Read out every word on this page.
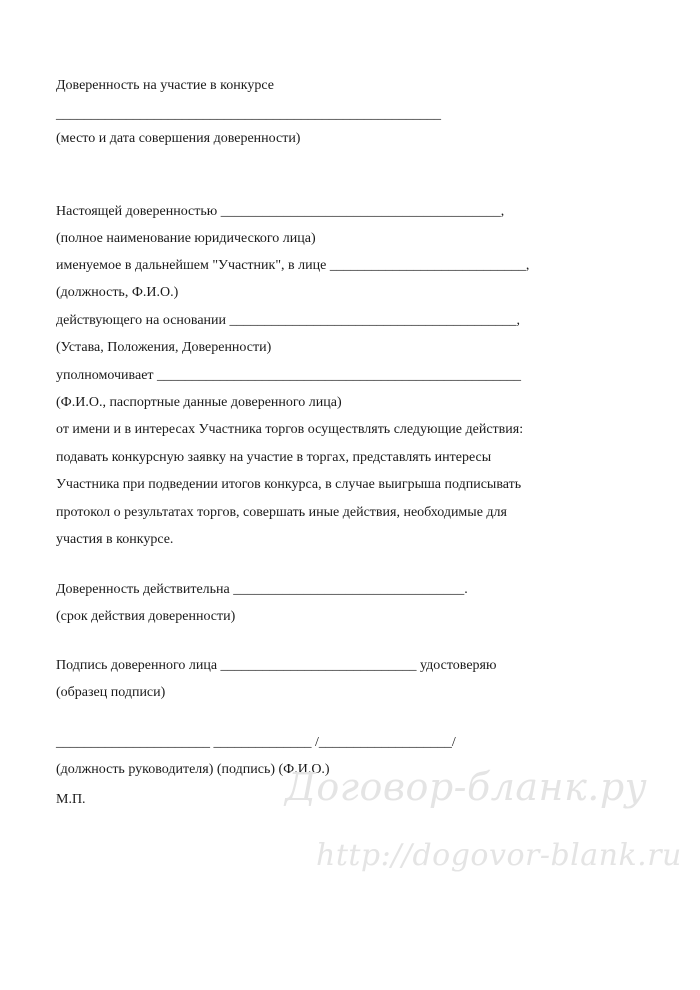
Доверенность на участие в конкурсе
_______________________________________________________
(место и дата совершения доверенности)
Настоящей доверенностью ________________________________________,
(полное наименование юридического лица)
именуемое в дальнейшем "Участник", в лице ____________________________,
(должность, Ф.И.О.)
действующего на основании _________________________________________,
(Устава, Положения, Доверенности)
уполномочивает ____________________________________________________
(Ф.И.О., паспортные данные доверенного лица)
от имени и в интересах Участника торгов осуществлять следующие действия:
подавать конкурсную заявку на участие в торгах, представлять интересы
Участника при подведении итогов конкурса, в случае выигрыша подписывать
протокол о результатах торгов, совершать иные действия, необходимые для
участия в конкурсе.
Доверенность действительна _________________________________.
(срок действия доверенности)
Подпись доверенного лица ____________________________ удостоверяю
(образец подписи)
______________________ ______________ /___________________/
(должность руководителя) (подпись) (Ф.И.О.)
М.П.	Договор-бланк.ру
http://dogovor-blank.ru
